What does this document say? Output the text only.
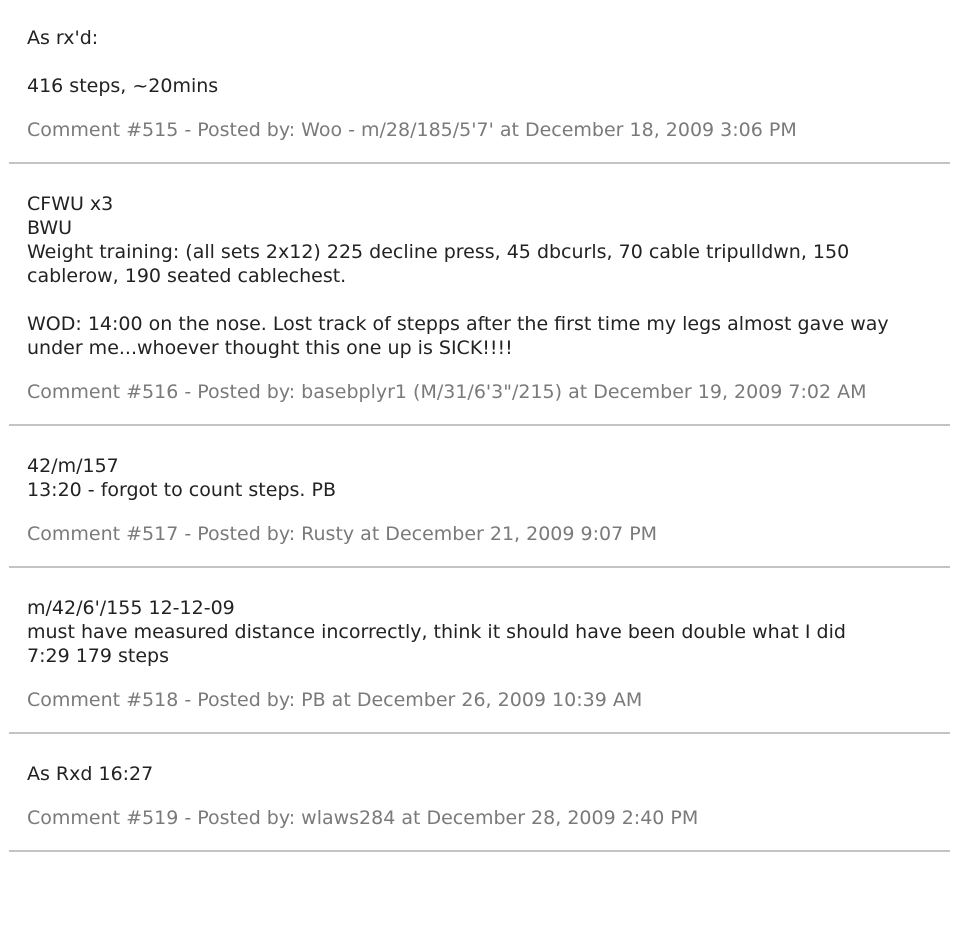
As rx'd:
416 steps, ~20mins
Comment #515 - Posted by: Woo - m/28/185/5'7' at December 18, 2009 3:06 PM
CFWU x3
BWU
Weight training: (all sets 2x12) 225 decline press, 45 dbcurls, 70 cable tripulldwn, 150 cablerow, 190 seated cablechest.
WOD: 14:00 on the nose. Lost track of stepps after the first time my legs almost gave way under me...whoever thought this one up is SICK!!!!
Comment #516 - Posted by: basebplyr1 (M/31/6'3"/215) at December 19, 2009 7:02 AM
42/m/157
13:20 - forgot to count steps. PB
Comment #517 - Posted by: Rusty at December 21, 2009 9:07 PM
m/42/6'/155 12-12-09
must have measured distance incorrectly, think it should have been double what I did
7:29 179 steps
Comment #518 - Posted by: PB at December 26, 2009 10:39 AM
As Rxd 16:27
Comment #519 - Posted by: wlaws284 at December 28, 2009 2:40 PM
